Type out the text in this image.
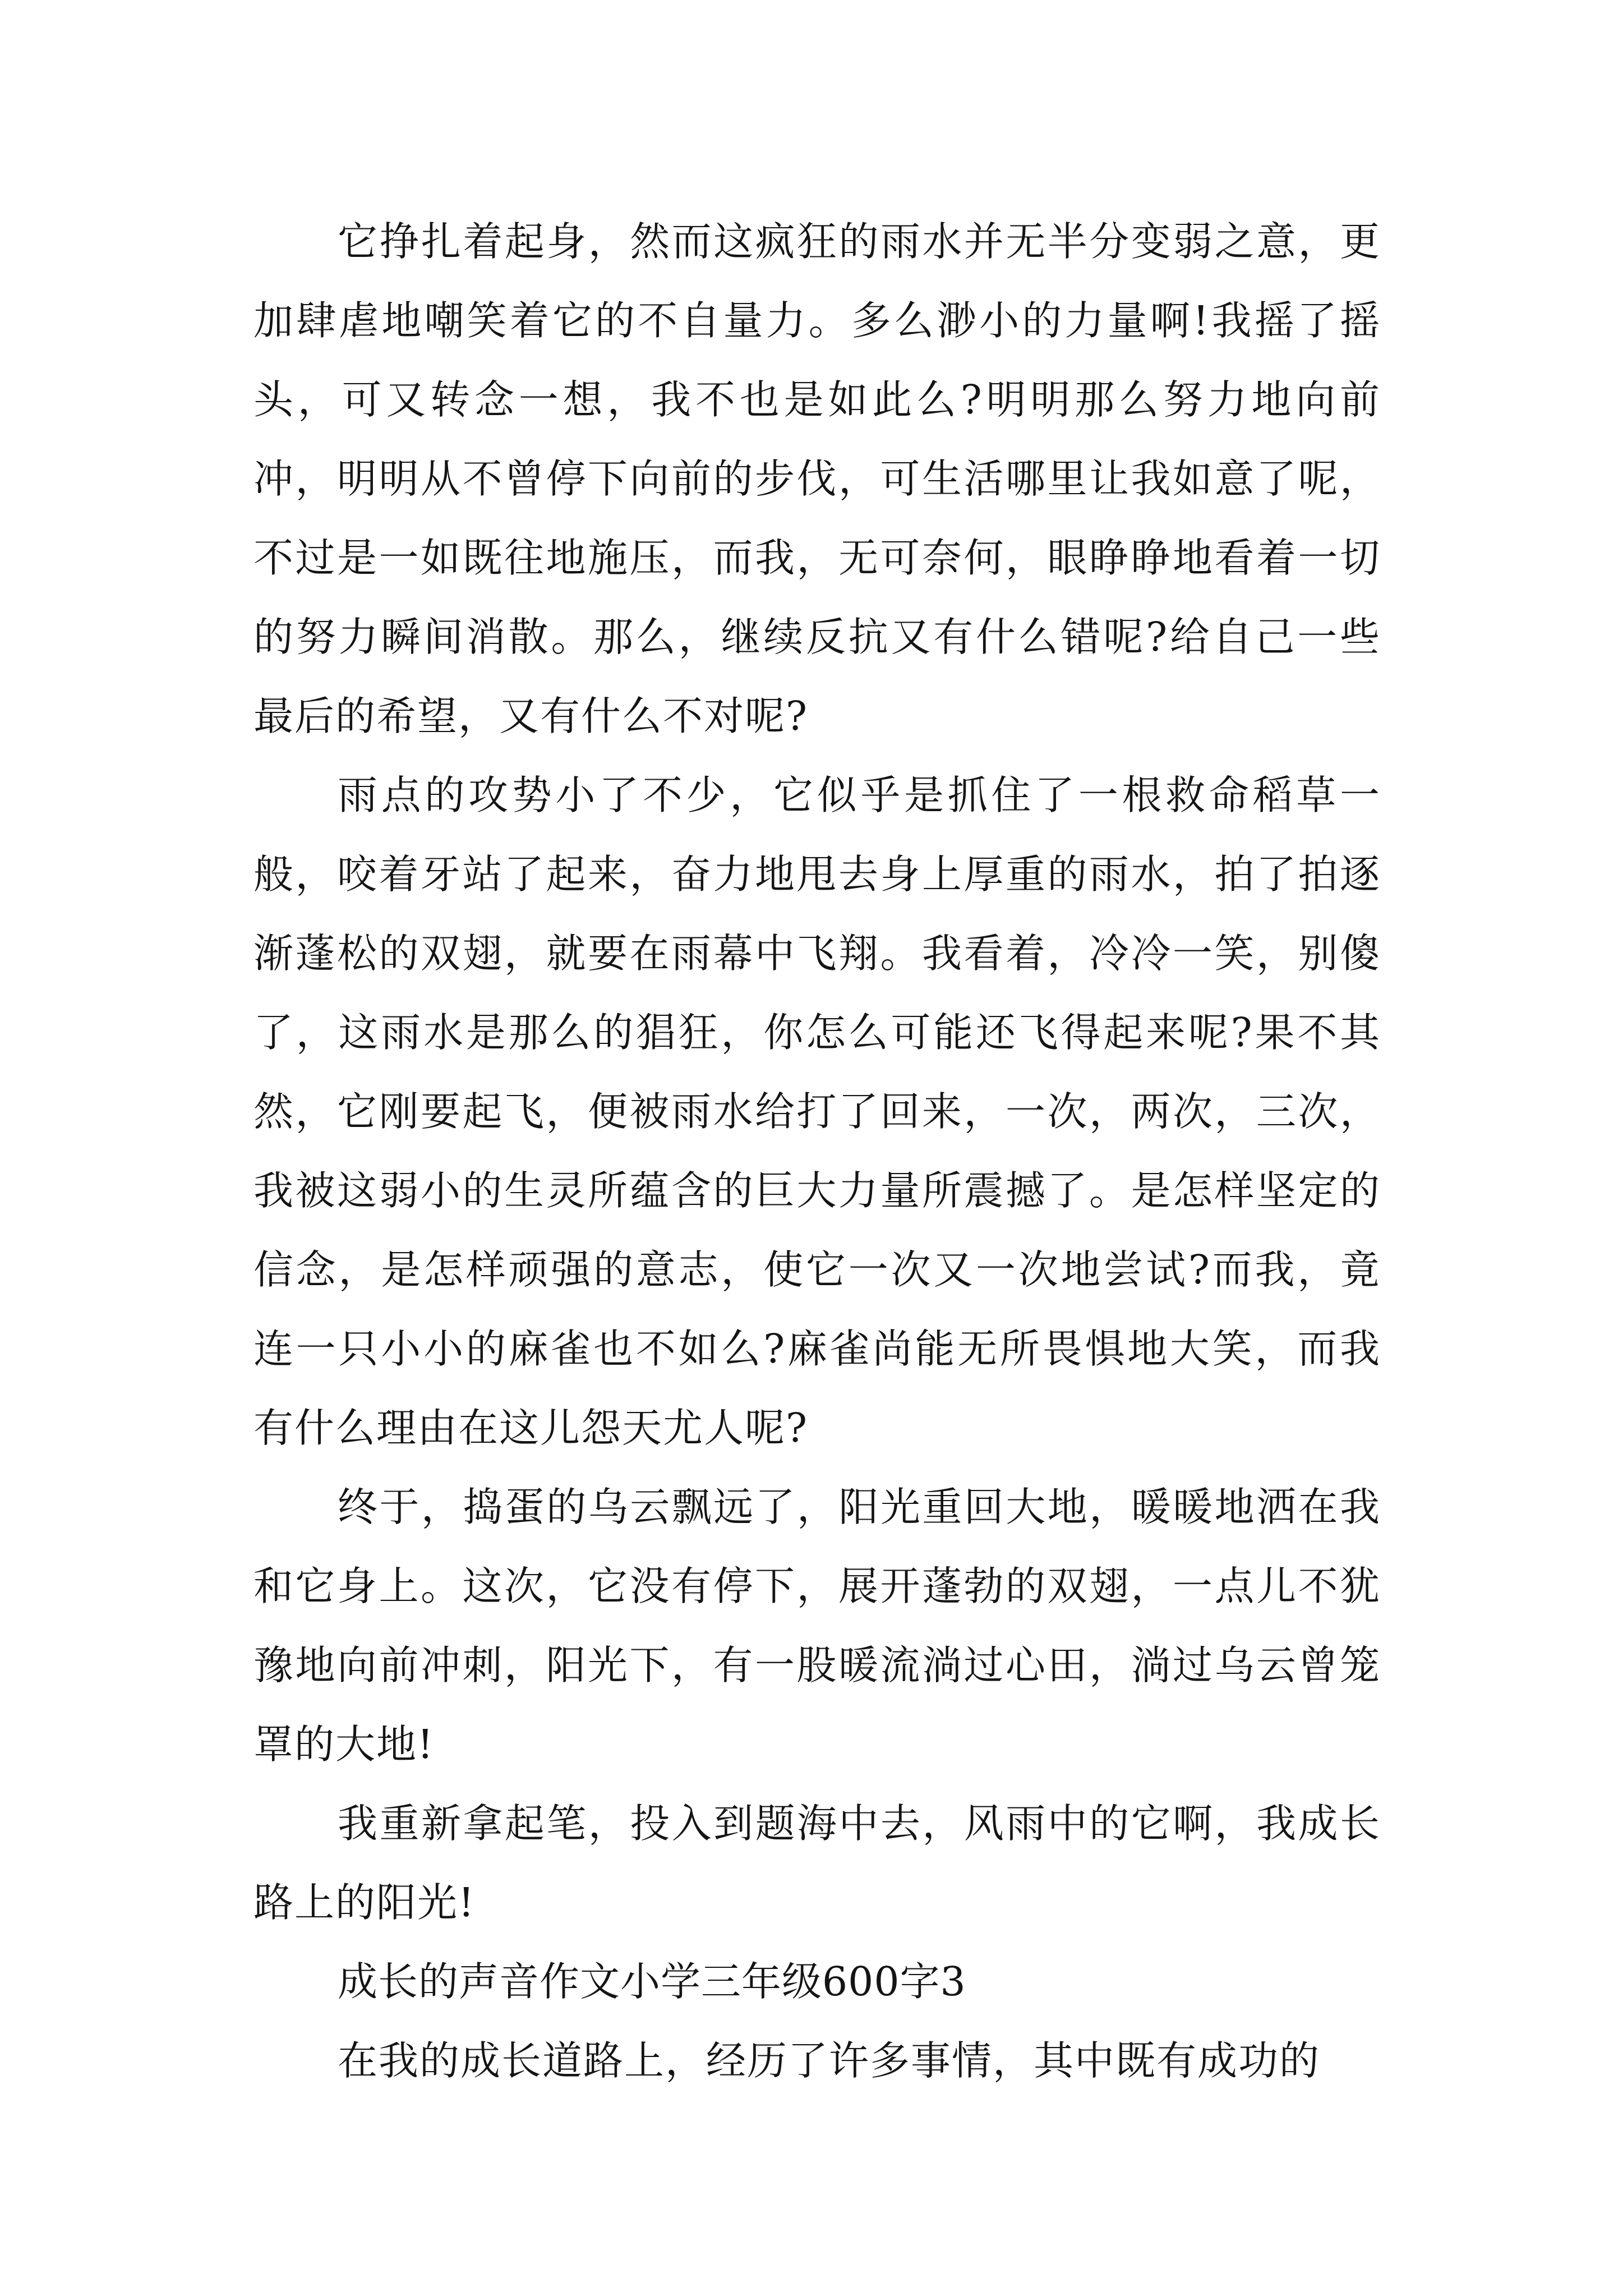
它挣扎着起身，然而这疯狂的雨水并无半分变弱之意，更加肆虐地嘲笑着它的不自量力。多么渺小的力量啊!我摇了摇头，可又转念一想，我不也是如此么?明明那么努力地向前冲，明明从不曾停下向前的步伐，可生活哪里让我如意了呢，不过是一如既往地施压，而我，无可奈何，眼睁睁地看着一切的努力瞬间消散。那么，继续反抗又有什么错呢?给自己一些最后的希望，又有什么不对呢?

雨点的攻势小了不少，它似乎是抓住了一根救命稻草一般，咬着牙站了起来，奋力地甩去身上厚重的雨水，拍了拍逐渐蓬松的双翅，就要在雨幕中飞翔。我看着，冷冷一笑，别傻了，这雨水是那么的猖狂，你怎么可能还飞得起来呢?果不其然，它刚要起飞，便被雨水给打了回来，一次，两次，三次，我被这弱小的生灵所蕴含的巨大力量所震撼了。是怎样坚定的信念，是怎样顽强的意志，使它一次又一次地尝试?而我，竟连一只小小的麻雀也不如么?麻雀尚能无所畏惧地大笑，而我有什么理由在这儿怨天尤人呢?

终于，捣蛋的乌云飘远了，阳光重回大地，暖暖地洒在我和它身上。这次，它没有停下，展开蓬勃的双翅，一点儿不犹豫地向前冲刺，阳光下，有一股暖流淌过心田，淌过乌云曾笼罩的大地!

我重新拿起笔，投入到题海中去，风雨中的它啊，我成长路上的阳光!

成长的声音作文小学三年级600字3

在我的成长道路上，经历了许多事情，其中既有成功的
